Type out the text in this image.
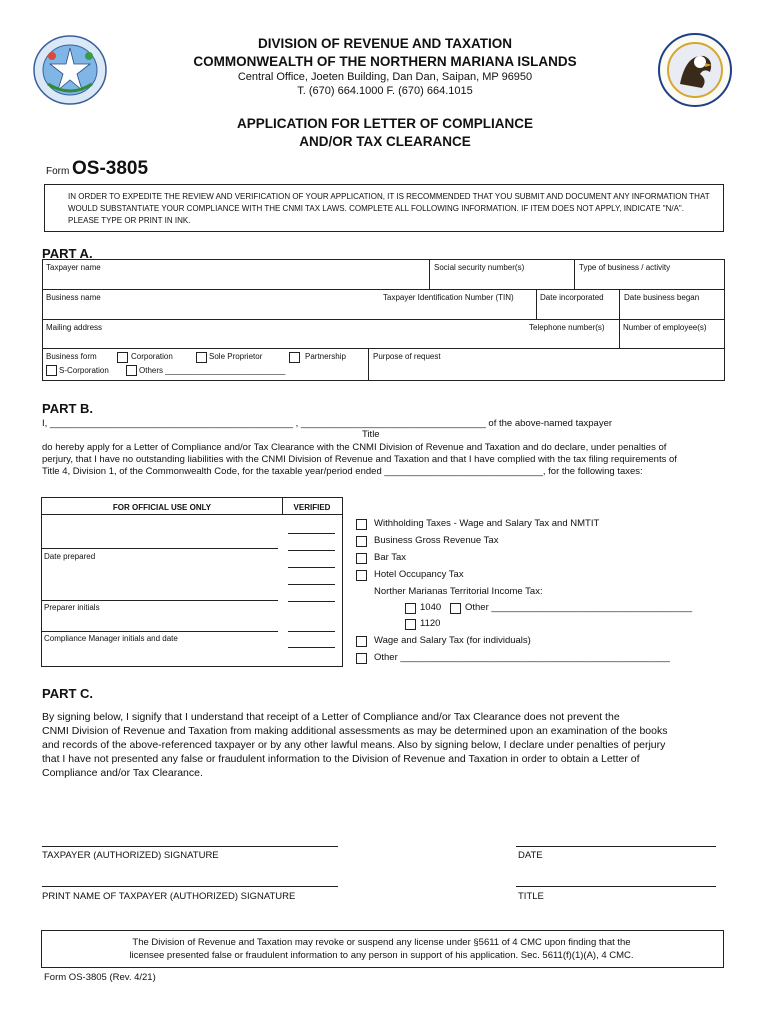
DIVISION OF REVENUE AND TAXATION
COMMONWEALTH OF THE NORTHERN MARIANA ISLANDS
Central Office, Joeten Building, Dan Dan, Saipan, MP 96950
T. (670) 664.1000 F. (670) 664.1015
APPLICATION FOR LETTER OF COMPLIANCE
AND/OR TAX CLEARANCE
Form OS-3805
IN ORDER TO EXPEDITE THE REVIEW AND VERIFICATION OF YOUR APPLICATION, IT IS RECOMMENDED THAT YOU SUBMIT AND DOCUMENT ANY INFORMATION THAT WOULD SUBSTANTIATE YOUR COMPLIANCE WITH THE CNMI TAX LAWS. COMPLETE ALL FOLLOWING INFORMATION. IF ITEM DOES NOT APPLY, INDICATE "N/A". PLEASE TYPE OR PRINT IN INK.
PART A.
Taxpayer name	Social security number(s)	Type of business / activity
Business name	Taxpayer Identification Number (TIN)	Date incorporated	Date business began
Mailing address	Telephone number(s) Number of employee(s)
Business form	Corporation	Sole Proprietor	Partnership
S-Corporation	Others ___________________________
Purpose of request
PART B.
I, ______________________________________________ , ___________________________________ of the above-named taxpayer
Title
do hereby apply for a Letter of Compliance and/or Tax Clearance with the CNMI Division of Revenue and Taxation and do declare, under penalties of
perjury, that I have no outstanding liabilities with the CNMI Division of Revenue and Taxation and that I have complied with the tax filing requirements of
Title 4, Division 1, of the Commonwealth Code, for the taxable year/period ended ______________________________, for the following taxes:
FOR OFFICIAL USE ONLY	VERIFIED
Date prepared
Preparer initials
Compliance Manager initials and date
Withholding Taxes - Wage and Salary Tax and NMTIT
Business Gross Revenue Tax
Bar Tax
Hotel Occupancy Tax
Norther Marianas Territorial Income Tax:
1040	Other ______________________________________
1120
Wage and Salary Tax (for individuals)
Other ___________________________________________________
PART C.
By signing below, I signify that I understand that receipt of a Letter of Compliance and/or Tax Clearance does not prevent the
CNMI Division of Revenue and Taxation from making additional assessments as may be determined upon an examination of the books
and records of the above-referenced taxpayer or by any other lawful means. Also by signing below, I declare under penalties of perjury
that I have not presented any false or fraudulent information to the Division of Revenue and Taxation in order to obtain a Letter of
Compliance and/or Tax Clearance.
TAXPAYER (AUTHORIZED) SIGNATURE	DATE
PRINT NAME OF TAXPAYER (AUTHORIZED) SIGNATURE	TITLE
The Division of Revenue and Taxation may revoke or suspend any license under §5611 of 4 CMC upon finding that the
licensee presented false or fraudulent information to any person in support of his application. Sec. 5611(f)(1)(A), 4 CMC.
Form OS-3805 (Rev. 4/21)
